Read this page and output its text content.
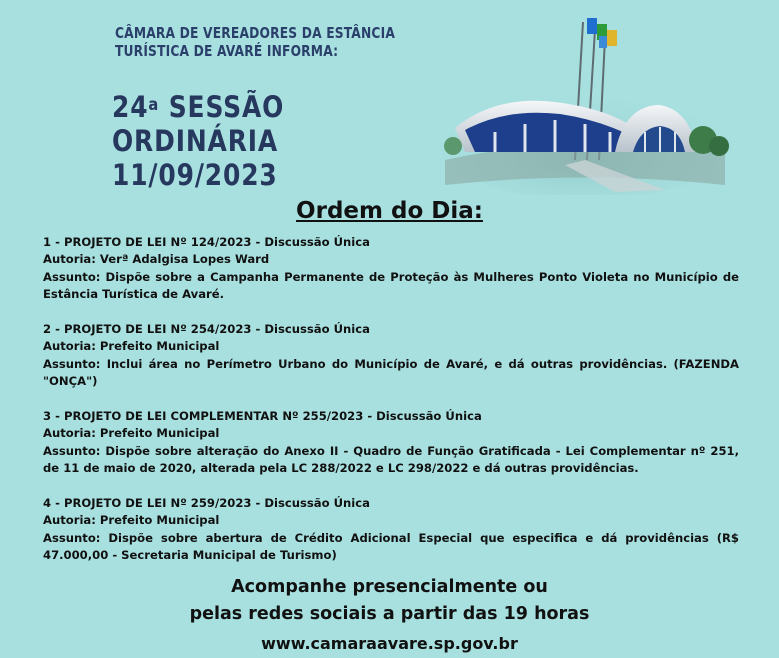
CÂMARA DE VEREADORES DA ESTÂNCIA
TURÍSTICA DE AVARÉ INFORMA:
24$^a$ SESSÃO
ORDINÁRIA
11/09/2023
Ordem do Dia:
1 - PROJETO DE LEI Nº 124/2023 - Discussão Única
Autoria: Verª Adalgisa Lopes Ward
Assunto: Dispõe sobre a Campanha Permanente de Proteção às Mulheres Ponto Violeta no Município de Estância Turística de Avaré.
2 - PROJETO DE LEI Nº 254/2023 - Discussão Única
Autoria: Prefeito Municipal
Assunto: Inclui área no Perímetro Urbano do Município de Avaré, e dá outras providências. (FAZENDA "ONÇA")
3 - PROJETO DE LEI COMPLEMENTAR Nº 255/2023 - Discussão Única
Autoria: Prefeito Municipal
Assunto: Dispõe sobre alteração do Anexo II - Quadro de Função Gratificada - Lei Complementar nº 251, de 11 de maio de 2020, alterada pela LC 288/2022 e LC 298/2022 e dá outras providências.
4 - PROJETO DE LEI Nº 259/2023 - Discussão Única
Autoria: Prefeito Municipal
Assunto: Dispõe sobre abertura de Crédito Adicional Especial que especifica e dá providências (R$ 47.000,00 - Secretaria Municipal de Turismo)
Acompanhe presencialmente ou
pelas redes sociais a partir das 19 horas
www.camaraavare.sp.gov.br
